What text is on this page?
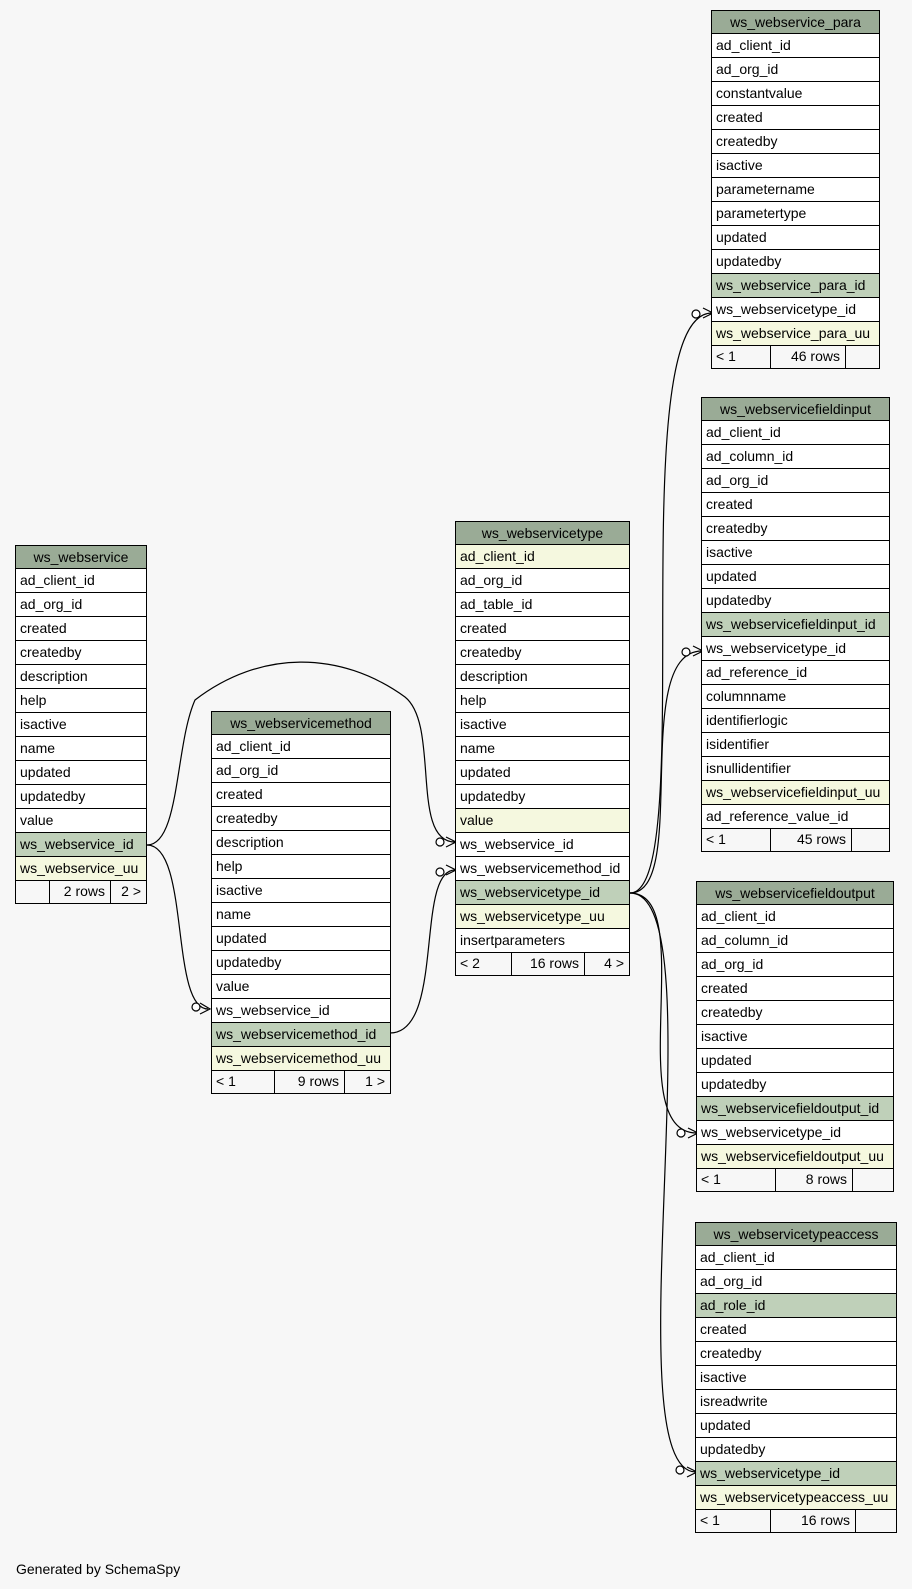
ws_webservice_para
ad_client_id
ad_org_id
constantvalue
created
createdby
isactive
parametername
parametertype
updated
updatedby
ws_webservice_para_id
ws_webservicetype_id
ws_webservice_para_uu
< 1	46 rows
ws_webservicefieldinput
ad_client_id
ad_column_id
ad_org_id
created
createdby
isactive
updated
updatedby
ws_webservicefieldinput_id
ws_webservicetype_id
ad_reference_id
columnname
identifierlogic
isidentifier
isnullidentifier
ws_webservicefieldinput_uu
ad_reference_value_id
< 1	45 rows
ws_webservice
ad_client_id
ad_org_id
created
createdby
description
help
isactive
name
updated
updatedby
value
ws_webservice_id
ws_webservice_uu
2 rows	2 >
ws_webservicetype
ad_client_id
ad_org_id
ad_table_id
created
createdby
description
help
isactive
name
updated
updatedby
value
ws_webservice_id
ws_webservicemethod_id
ws_webservicetype_id
ws_webservicetype_uu
insertparameters
< 2	16 rows	4 >
ws_webservicemethod
ad_client_id
ad_org_id
created
createdby
description
help
isactive
name
updated
updatedby
value
ws_webservice_id
ws_webservicemethod_id
ws_webservicemethod_uu
< 1	9 rows	1 >
ws_webservicefieldoutput
ad_client_id
ad_column_id
ad_org_id
created
createdby
isactive
updated
updatedby
ws_webservicefieldoutput_id
ws_webservicetype_id
ws_webservicefieldoutput_uu
< 1	8 rows
ws_webservicetypeaccess
ad_client_id
ad_org_id
ad_role_id
created
createdby
isactive
isreadwrite
updated
updatedby
ws_webservicetype_id
ws_webservicetypeaccess_uu
< 1	16 rows
Generated by SchemaSpy
